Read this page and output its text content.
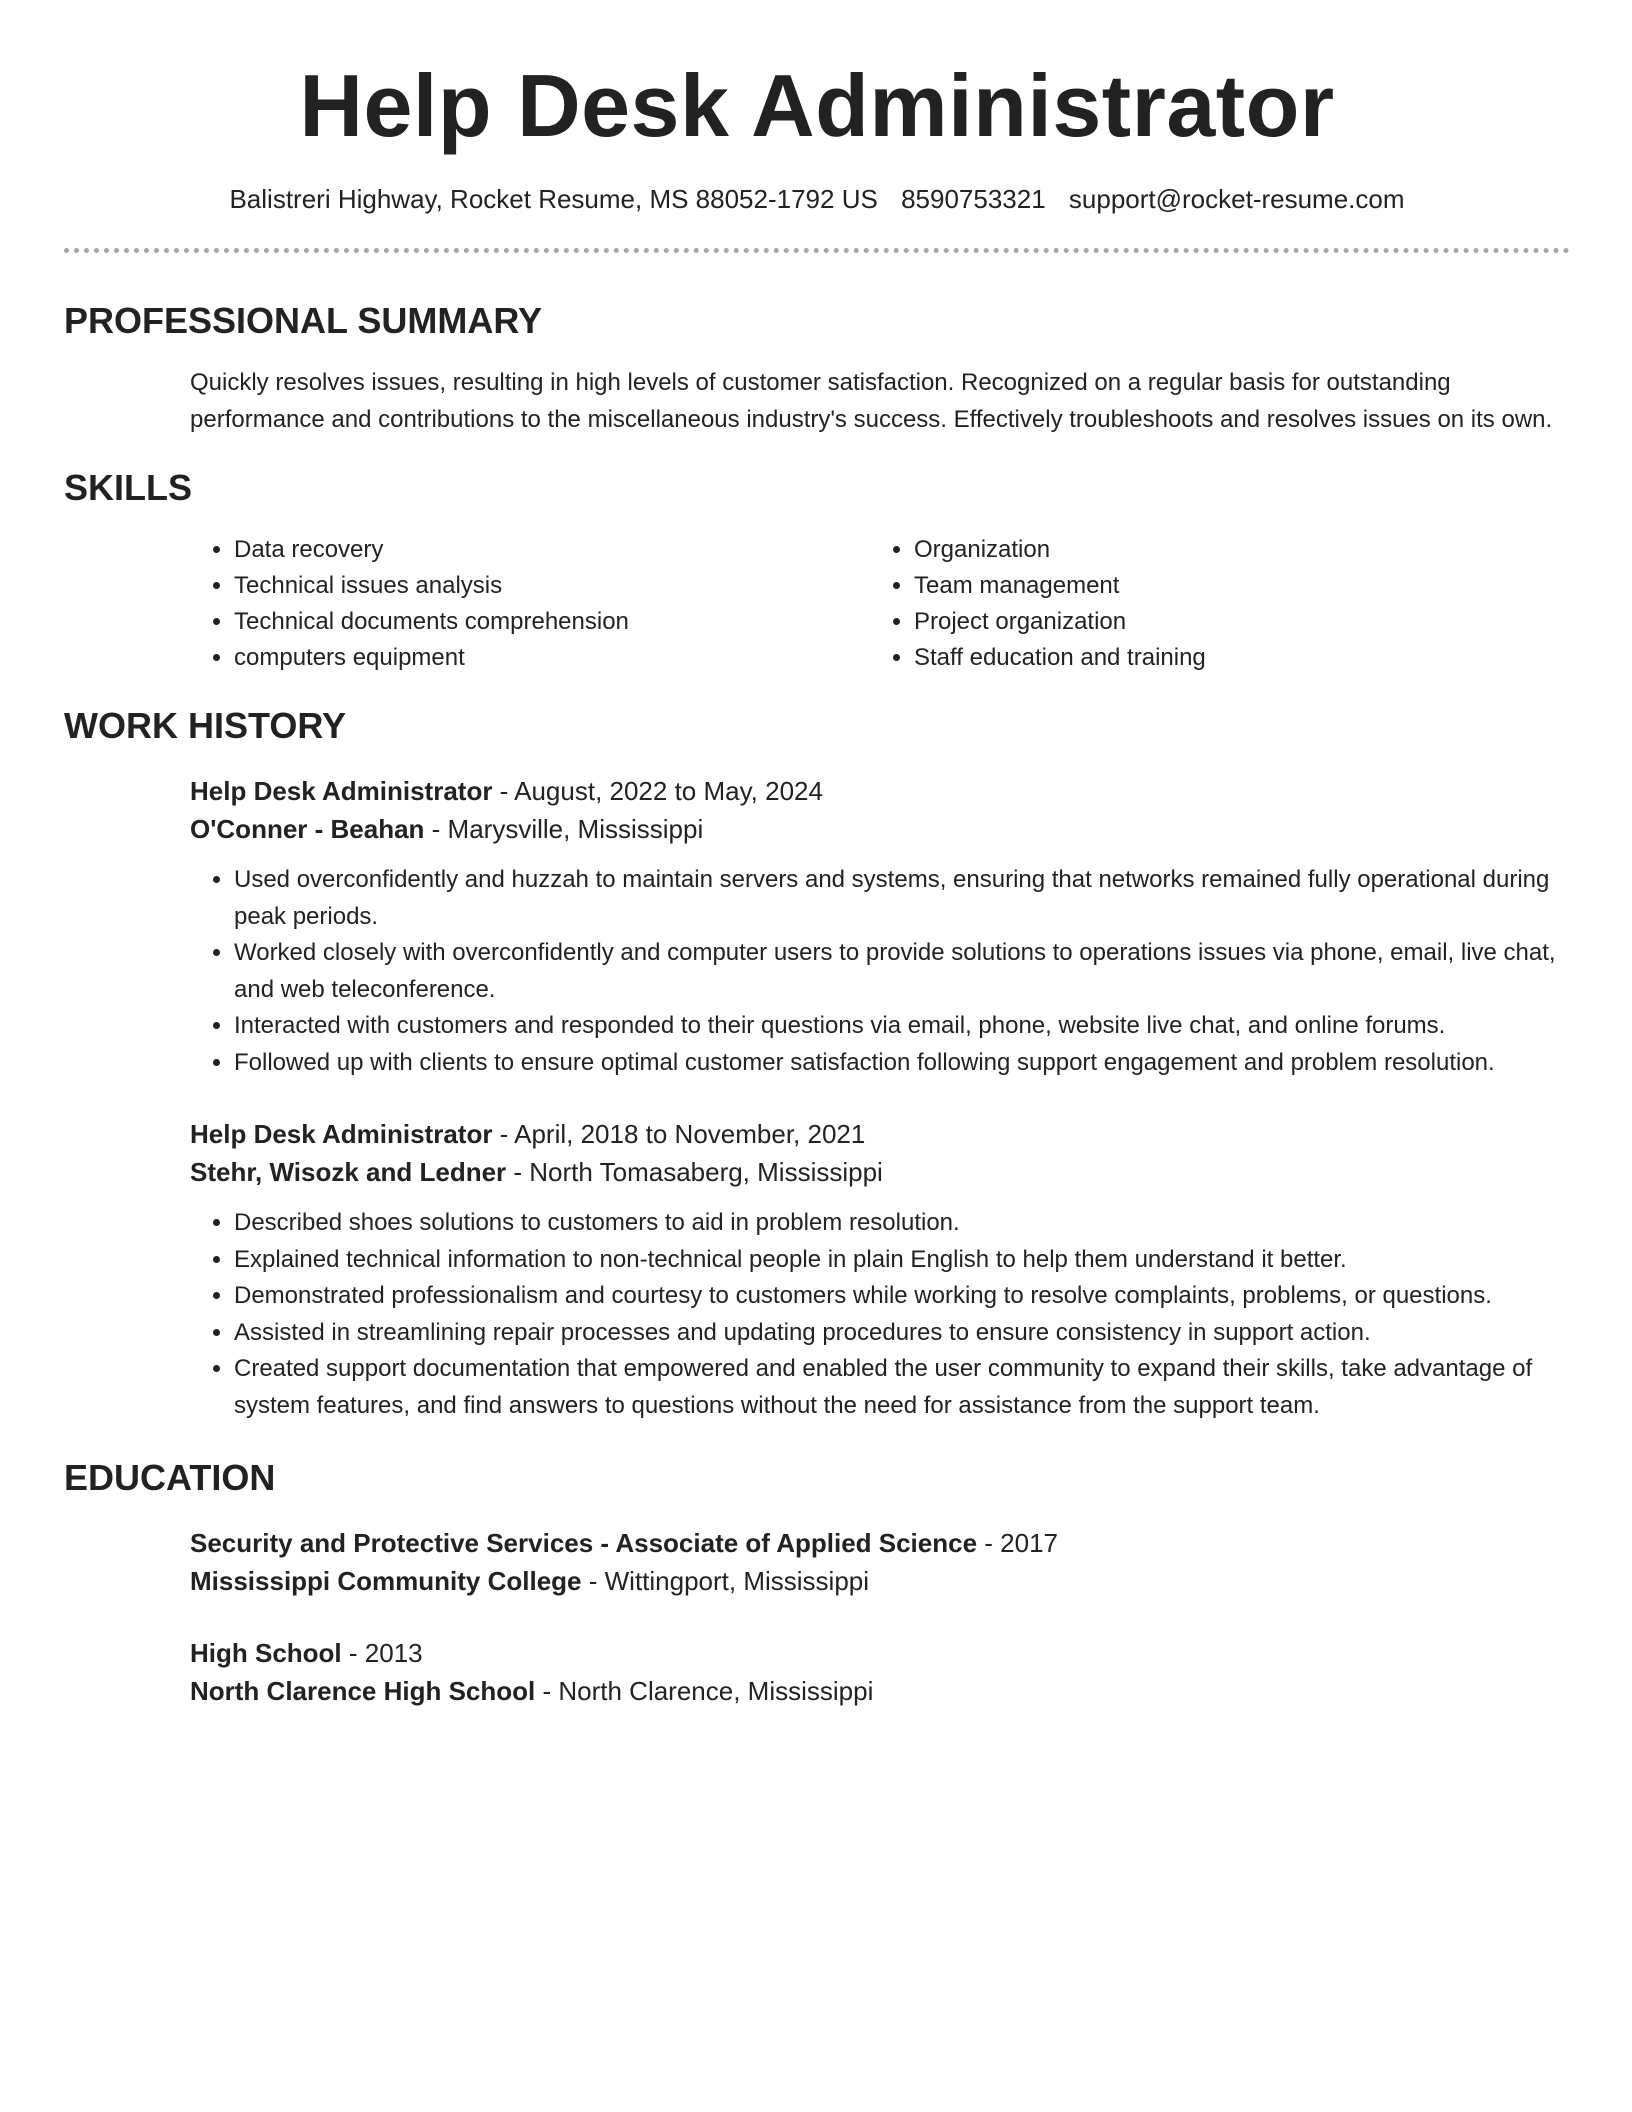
Help Desk Administrator
Balistreri Highway, Rocket Resume, MS 88052-1792 US 8590753321 support@rocket-resume.com
PROFESSIONAL SUMMARY
Quickly resolves issues, resulting in high levels of customer satisfaction. Recognized on a regular basis for outstanding performance and contributions to the miscellaneous industry's success. Effectively troubleshoots and resolves issues on its own.
SKILLS
• Data recovery
• Technical issues analysis
• Technical documents comprehension
• computers equipment
• Organization
• Team management
• Project organization
• Staff education and training
WORK HISTORY
Help Desk Administrator - August, 2022 to May, 2024
O'Conner - Beahan - Marysville, Mississippi
• Used overconfidently and huzzah to maintain servers and systems, ensuring that networks remained fully operational during peak periods.
• Worked closely with overconfidently and computer users to provide solutions to operations issues via phone, email, live chat, and web teleconference.
• Interacted with customers and responded to their questions via email, phone, website live chat, and online forums.
• Followed up with clients to ensure optimal customer satisfaction following support engagement and problem resolution.
Help Desk Administrator - April, 2018 to November, 2021
Stehr, Wisozk and Ledner - North Tomasaberg, Mississippi
• Described shoes solutions to customers to aid in problem resolution.
• Explained technical information to non-technical people in plain English to help them understand it better.
• Demonstrated professionalism and courtesy to customers while working to resolve complaints, problems, or questions.
• Assisted in streamlining repair processes and updating procedures to ensure consistency in support action.
• Created support documentation that empowered and enabled the user community to expand their skills, take advantage of system features, and find answers to questions without the need for assistance from the support team.
EDUCATION
Security and Protective Services - Associate of Applied Science - 2017
Mississippi Community College - Wittingport, Mississippi
High School - 2013
North Clarence High School - North Clarence, Mississippi
